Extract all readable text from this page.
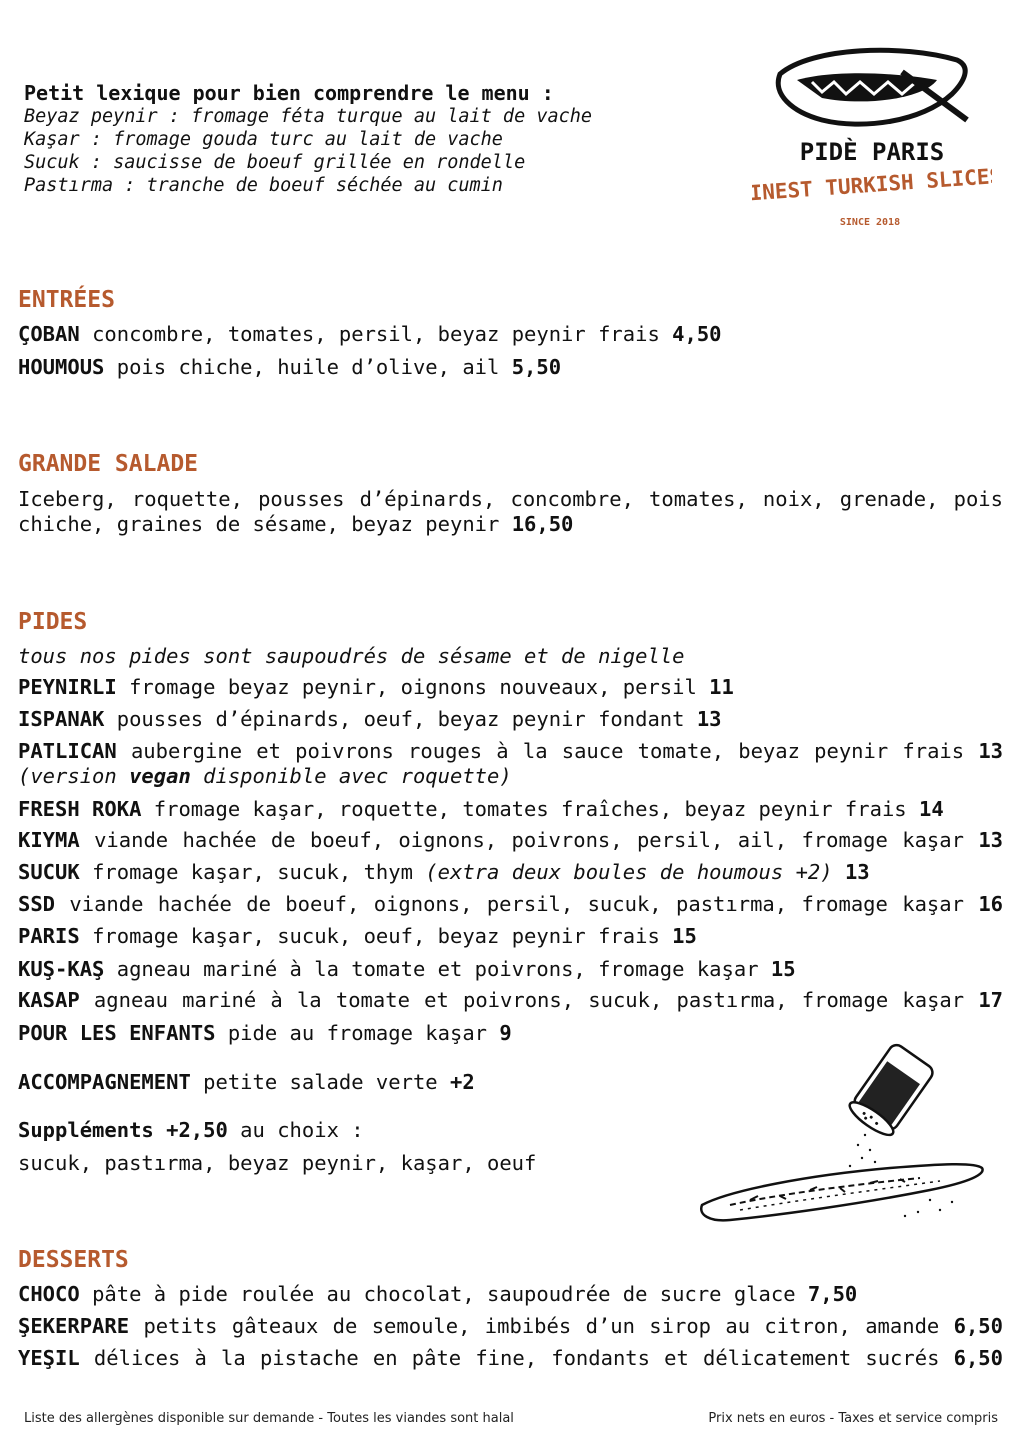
Petit lexique pour bien comprendre le menu :
Beyaz peynir : fromage féta turque au lait de vache
Kaşar : fromage gouda turc au lait de vache
Sucuk : saucisse de boeuf grillée en rondelle
Pastırma : tranche de boeuf séchée au cumin
PIDÈ PARIS
FINEST TURKISH SLICES
SINCE 2018
ENTRÉES
ÇOBAN concombre, tomates, persil, beyaz peynir frais 4,50
HOUMOUS pois chiche, huile d’olive, ail 5,50
GRANDE SALADE
Iceberg, roquette, pousses d’épinards, concombre, tomates, noix, grenade, pois chiche, graines de sésame, beyaz peynir 16,50
PIDES
tous nos pides sont saupoudrés de sésame et de nigelle
PEYNIRLI fromage beyaz peynir, oignons nouveaux, persil 11
ISPANAK pousses d’épinards, oeuf, beyaz peynir fondant 13
PATLICAN aubergine et poivrons rouges à la sauce tomate, beyaz peynir frais 13
(version vegan disponible avec roquette)
FRESH ROKA fromage kaşar, roquette, tomates fraîches, beyaz peynir frais 14
KIYMA viande hachée de boeuf, oignons, poivrons, persil, ail, fromage kaşar 13
SUCUK fromage kaşar, sucuk, thym (extra deux boules de houmous +2) 13
SSD viande hachée de boeuf, oignons, persil, sucuk, pastırma, fromage kaşar 16
PARIS fromage kaşar, sucuk, oeuf, beyaz peynir frais 15
KUŞ-KAŞ agneau mariné à la tomate et poivrons, fromage kaşar 15
KASAP agneau mariné à la tomate et poivrons, sucuk, pastırma, fromage kaşar 17
POUR LES ENFANTS pide au fromage kaşar 9
ACCOMPAGNEMENT petite salade verte +2
Suppléments +2,50 au choix :
sucuk, pastırma, beyaz peynir, kaşar, oeuf
DESSERTS
CHOCO pâte à pide roulée au chocolat, saupoudrée de sucre glace 7,50
ŞEKERPARE petits gâteaux de semoule, imbibés d’un sirop au citron, amande 6,50
YEŞIL délices à la pistache en pâte fine, fondants et délicatement sucrés 6,50
Liste des allergènes disponible sur demande - Toutes les viandes sont halal	Prix nets en euros - Taxes et service compris
